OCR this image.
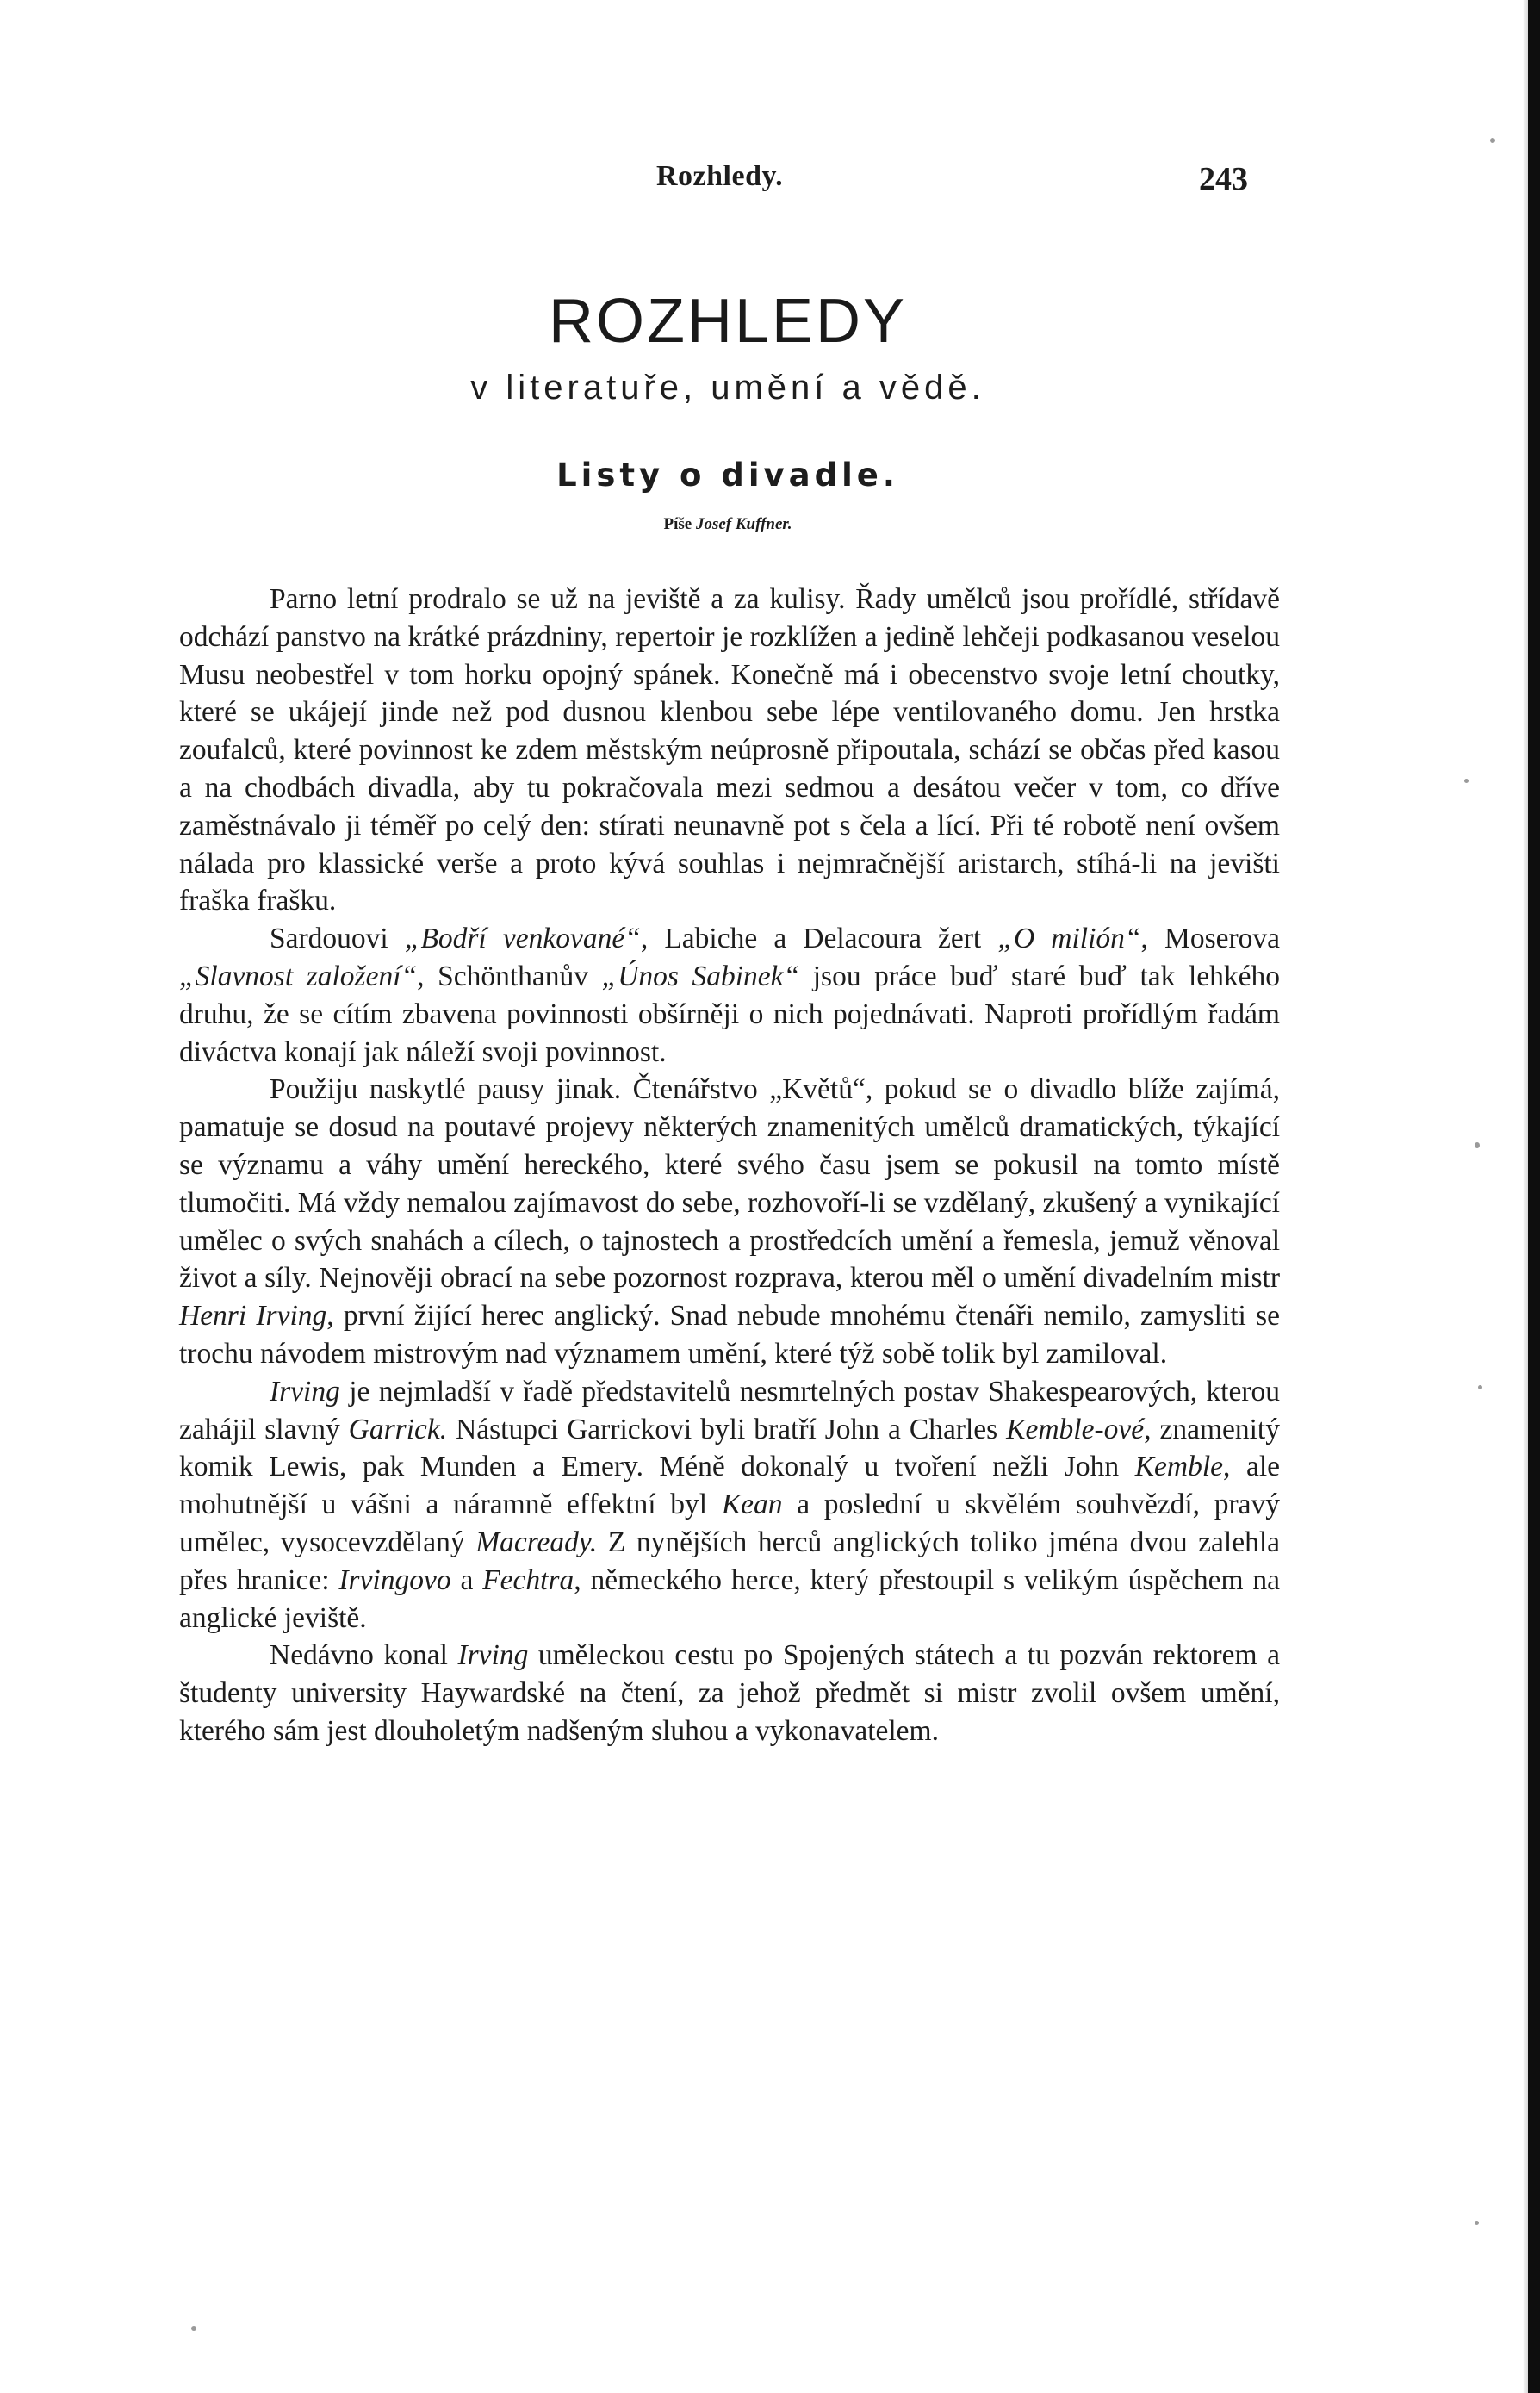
Rozhledy.	243
ROZHLEDY
v literatuře, umění a vědě.
Listy o divadle.
Píše Josef Kuffner.

Parno letní prodralo se už na jeviště a za kulisy. Řady umělců jsou prořídlé, střídavě odchází panstvo na krátké prázdniny, repertoir je rozklížen a jedině lehčeji podkasanou veselou Musu neobestřel v tom horku opojný spánek. Konečně má i obecenstvo svoje letní choutky, které se ukájejí jinde než pod dusnou klenbou sebe lépe ventilovaného domu. Jen hrstka zoufalců, které povinnost ke zdem městským neúprosně připoutala, schází se občas před kasou a na chodbách divadla, aby tu pokračovala mezi sedmou a desátou večer v tom, co dříve zaměstnávalo ji téměř po celý den: stírati neunavně pot s čela a lící. Při té robotě není ovšem nálada pro klassické verše a proto kývá souhlas i nejmračnější aristarch, stíhá-li na jevišti fraška frašku.

Sardouovi „Bodří venkované“, Labiche a Delacoura žert „O milión“, Moserova „Slavnost založení“, Schönthanův „Únos Sabinek“ jsou práce buď staré buď tak lehkého druhu, že se cítím zbavena povinnosti obšírněji o nich pojednávati. Naproti prořídlým řadám diváctva konají jak náleží svoji povinnost.

Použiju naskytlé pausy jinak. Čtenářstvo „Květů“, pokud se o divadlo blíže zajímá, pamatuje se dosud na poutavé projevy některých znamenitých umělců dramatických, týkající se významu a váhy umění hereckého, které svého času jsem se pokusil na tomto místě tlumočiti. Má vždy nemalou zajímavost do sebe, rozhovoří-li se vzdělaný, zkušený a vynikající umělec o svých snahách a cílech, o tajnostech a prostředcích umění a řemesla, jemuž věnoval život a síly. Nejnověji obrací na sebe pozornost rozprava, kterou měl o umění divadelním mistr Henri Irving, první žijící herec anglický. Snad nebude mnohému čtenáři nemilo, zamysliti se trochu návodem mistrovým nad významem umění, které týž sobě tolik byl zamiloval.

Irving je nejmladší v řadě představitelů nesmrtelných postav Shakespearových, kterou zahájil slavný Garrick. Nástupci Garrickovi byli bratří John a Charles Kemble-ové, znamenitý komik Lewis, pak Munden a Emery. Méně dokonalý u tvoření nežli John Kemble, ale mohutnější u vášni a náramně effektní byl Kean a poslední u skvělém souhvězdí, pravý umělec, vysocevzdělaný Macready. Z nynějších herců anglických toliko jména dvou zalehla přes hranice: Irvingovo a Fechtra, německého herce, který přestoupil s velikým úspěchem na anglické jeviště.

Nedávno konal Irving uměleckou cestu po Spojených státech a tu pozván rektorem a študenty university Haywardské na čtení, za jehož předmět si mistr zvolil ovšem umění, kterého sám jest dlouholetým nadšeným sluhou a vykonavatelem.
